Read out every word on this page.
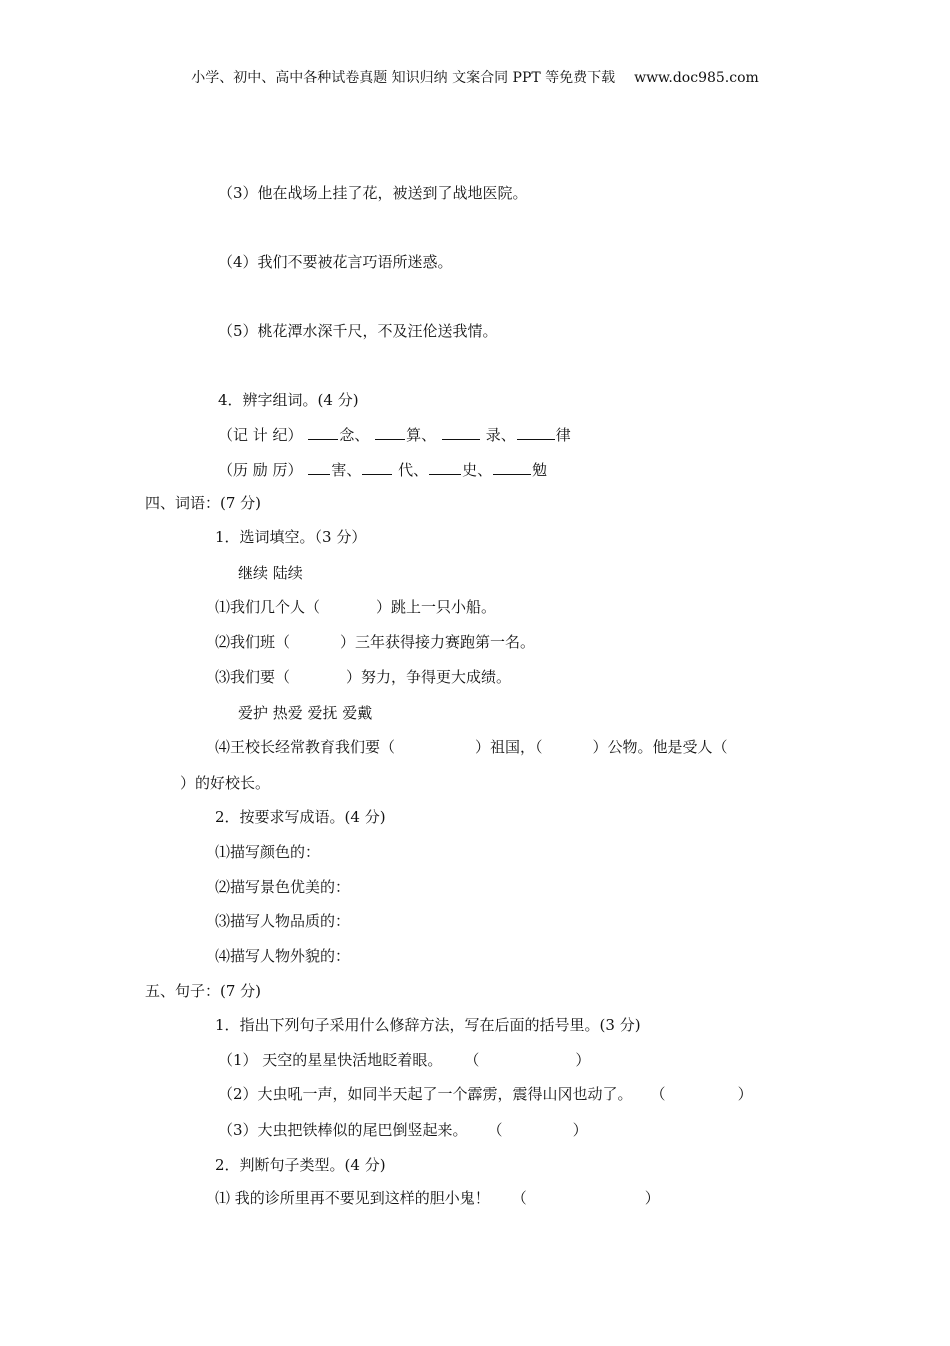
小学、初中、高中各种试卷真题 知识归纳 文案合同 PPT 等免费下载 www.doc985.com
（3）他在战场上挂了花，被送到了战地医院。
（4）我们不要被花言巧语所迷惑。
（5）桃花潭水深千尺，不及汪伦送我情。
4．辨字组词。(4 分)
（记 计 纪） 念、 算、	录、	律
（历 励 厉） 害、 代、 史、	勉
四、词语：(7 分)
1．选词填空。（3 分）
继续 陆续
⑴我们几个人（	）跳上一只小船。
⑵我们班（	）三年获得接力赛跑第一名。
⑶我们要（	）努力，争得更大成绩。
爱护 热爱 爱抚 爱戴
⑷王校长经常教育我们要（	）祖国，（	）公物。他是受人（
）的好校长。
2．按要求写成语。(4 分)
⑴描写颜色的：
⑵描写景色优美的：
⑶描写人物品质的：
⑷描写人物外貌的：
五、句子：(7 分)
1．指出下列句子采用什么修辞方法，写在后面的括号里。(3 分)
（1） 天空的星星快活地眨着眼。 （	）
（2）大虫吼一声，如同半天起了一个霹雳，震得山冈也动了。 （	）
（3）大虫把铁棒似的尾巴倒竖起来。 （	）
2．判断句子类型。(4 分)
⑴ 我的诊所里再不要见到这样的胆小鬼！ （	）
